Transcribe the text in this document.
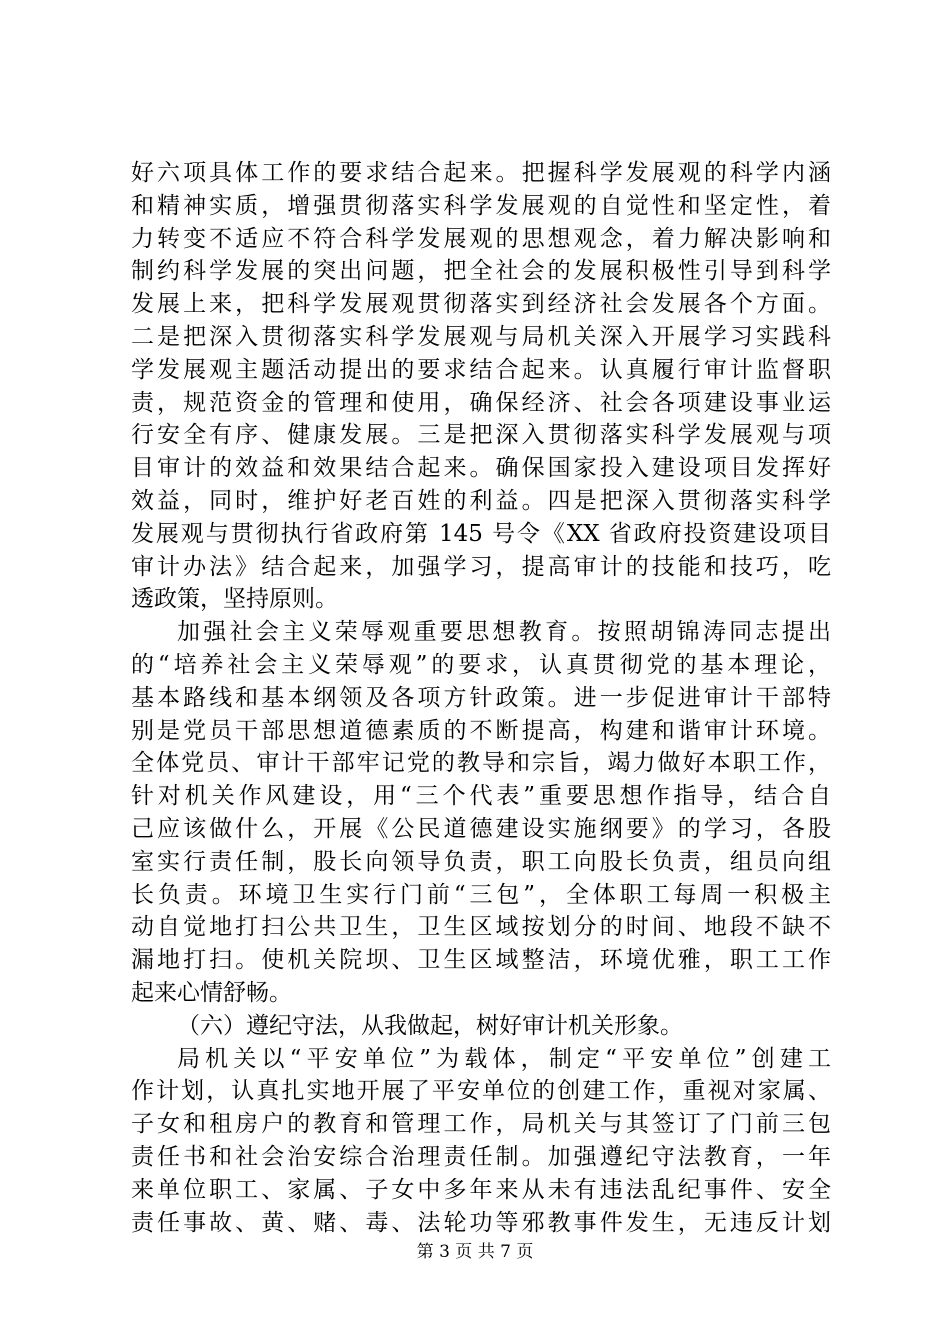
好六项具体工作的要求结合起来。把握科学发展观的科学内涵
和精神实质，增强贯彻落实科学发展观的自觉性和坚定性，着
力转变不适应不符合科学发展观的思想观念，着力解决影响和
制约科学发展的突出问题，把全社会的发展积极性引导到科学
发展上来，把科学发展观贯彻落实到经济社会发展各个方面。
二是把深入贯彻落实科学发展观与局机关深入开展学习实践科
学发展观主题活动提出的要求结合起来。认真履行审计监督职
责，规范资金的管理和使用，确保经济、社会各项建设事业运
行安全有序、健康发展。三是把深入贯彻落实科学发展观与项
目审计的效益和效果结合起来。确保国家投入建设项目发挥好
效益，同时，维护好老百姓的利益。四是把深入贯彻落实科学
发展观与贯彻执行省政府第 145 号令《XX 省政府投资建设项目
审计办法》结合起来，加强学习，提高审计的技能和技巧，吃
透政策，坚持原则。
加强社会主义荣辱观重要思想教育。按照胡锦涛同志提出
的“培养社会主义荣辱观”的要求，认真贯彻党的基本理论，
基本路线和基本纲领及各项方针政策。进一步促进审计干部特
别是党员干部思想道德素质的不断提高，构建和谐审计环境。
全体党员、审计干部牢记党的教导和宗旨，竭力做好本职工作，
针对机关作风建设，用“三个代表”重要思想作指导，结合自
己应该做什么，开展《公民道德建设实施纲要》的学习，各股
室实行责任制，股长向领导负责，职工向股长负责，组员向组
长负责。环境卫生实行门前“三包”，全体职工每周一积极主
动自觉地打扫公共卫生，卫生区域按划分的时间、地段不缺不
漏地打扫。使机关院坝、卫生区域整洁，环境优雅，职工工作
起来心情舒畅。
（六）遵纪守法，从我做起，树好审计机关形象。
局机关以“平安单位”为载体，制定“平安单位”创建工
作计划，认真扎实地开展了平安单位的创建工作，重视对家属、
子女和租房户的教育和管理工作，局机关与其签订了门前三包
责任书和社会治安综合治理责任制。加强遵纪守法教育，一年
来单位职工、家属、子女中多年来从未有违法乱纪事件、安全
责任事故、黄、赌、毒、法轮功等邪教事件发生，无违反计划
第 3 页 共 7 页
